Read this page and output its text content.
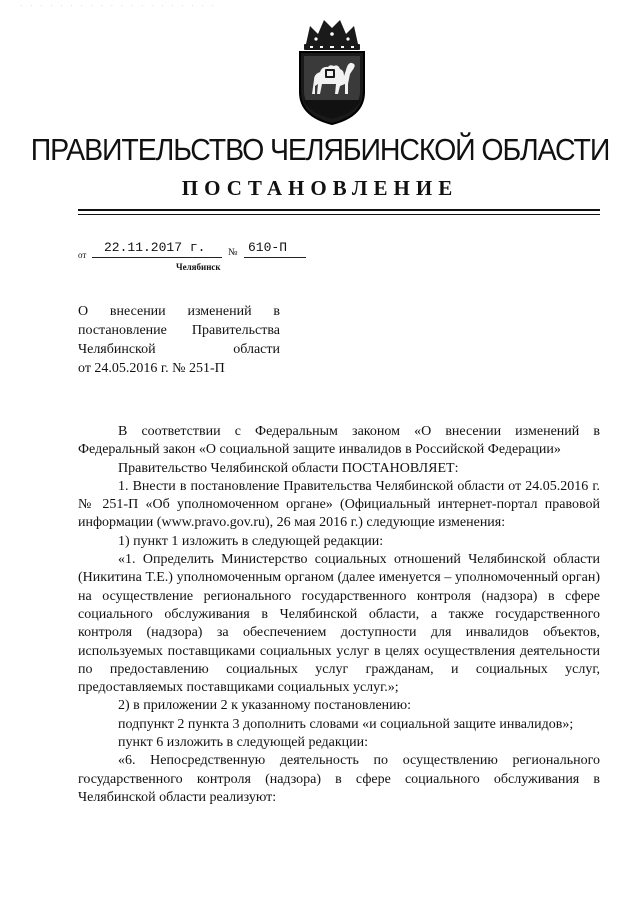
· · · · · · · · · · · · · · · · · · · ·
ПРАВИТЕЛЬСТВО ЧЕЛЯБИНСКОЙ ОБЛАСТИ
ПОСТАНОВЛЕНИЕ
от	22.11.2017 г.	№ 610-П
Челябинск

О внесении изменений в

постановление Правительства

Челябинской области

от 24.05.2016 г. № 251-П

В соответствии с Федеральным законом «О внесении изменений в Федеральный закон «О социальной защите инвалидов в Российской Федерации»

Правительство Челябинской области ПОСТАНОВЛЯЕТ:

1. Внести в постановление Правительства Челябинской области от 24.05.2016 г. № 251-П «Об уполномоченном органе» (Официальный интернет-портал правовой информации (www.pravo.gov.ru), 26 мая 2016 г.) следующие изменения:

1) пункт 1 изложить в следующей редакции:

«1. Определить Министерство социальных отношений Челябинской области (Никитина Т.Е.) уполномоченным органом (далее именуется – уполномоченный орган) на осуществление регионального государственного контроля (надзора) в сфере социального обслуживания в Челябинской области, а также государственного контроля (надзора) за обеспечением доступности для инвалидов объектов, используемых поставщиками социальных услуг в целях осуществления деятельности по предоставлению социальных услуг гражданам, и социальных услуг, предоставляемых поставщиками социальных услуг.»;

2) в приложении 2 к указанному постановлению:

подпункт 2 пункта 3 дополнить словами «и социальной защите инвалидов»;

пункт 6 изложить в следующей редакции:

«6. Непосредственную деятельность по осуществлению регионального государственного контроля (надзора) в сфере социального обслуживания в Челябинской области реализуют:
